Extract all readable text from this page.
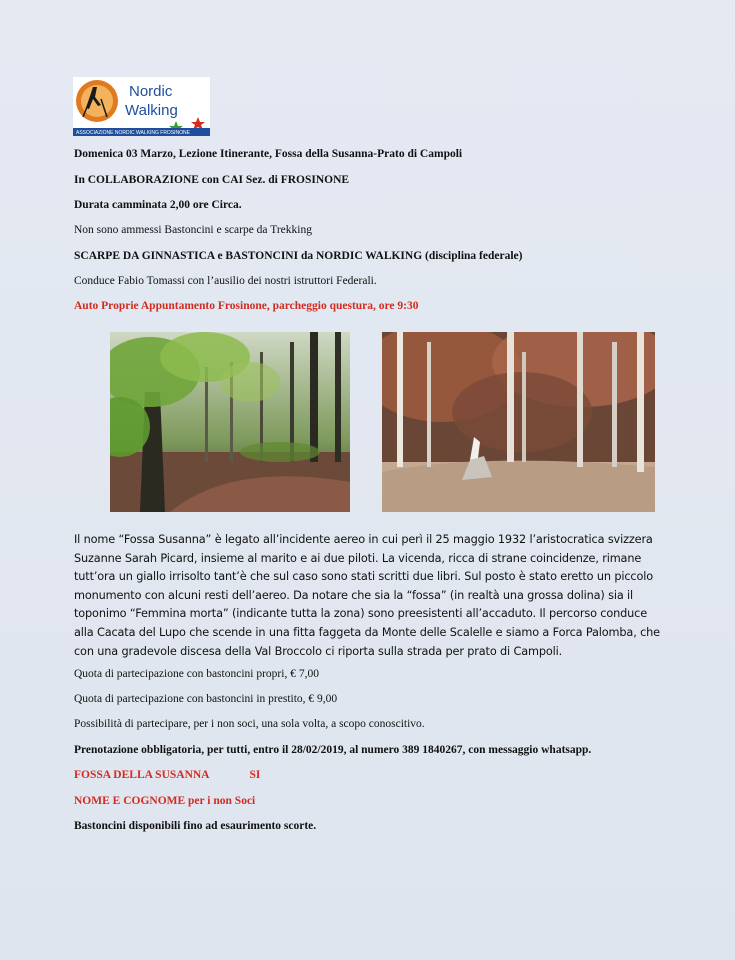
Nordic
Walking
ASSOCIAZIONE NORDIC WALKING FROSINONE
Domenica 03 Marzo, Lezione Itinerante, Fossa della Susanna-Prato di Campoli
In COLLABORAZIONE con CAI Sez. di FROSINONE
Durata camminata 2,00 ore Circa.
Non sono ammessi Bastoncini e scarpe da Trekking
SCARPE DA GINNASTICA e BASTONCINI da NORDIC WALKING (disciplina federale)
Conduce Fabio Tomassi con l’ausilio dei nostri istruttori Federali.
Auto Proprie Appuntamento Frosinone, parcheggio questura, ore 9:30
Il nome “Fossa Susanna” è legato all’incidente aereo in cui perì il 25 maggio 1932 l’aristocratica svizzera
Suzanne Sarah Picard, insieme al marito e ai due piloti. La vicenda, ricca di strane coincidenze, rimane
tutt’ora un giallo irrisolto tant’è che sul caso sono stati scritti due libri. Sul posto è stato eretto un piccolo
monumento con alcuni resti dell’aereo. Da notare che sia la “fossa” (in realtà una grossa dolina) sia il
toponimo “Femmina morta” (indicante tutta la zona) sono preesistenti all’accaduto. Il percorso conduce
alla Cacata del Lupo che scende in una fitta faggeta da Monte delle Scalelle e siamo a Forca Palomba, che
con una gradevole discesa della Val Broccolo ci riporta sulla strada per prato di Campoli.
Quota di partecipazione con bastoncini propri, € 7,00
Quota di partecipazione con bastoncini in prestito, € 9,00
Possibilità di partecipare, per i non soci, una sola volta, a scopo conoscitivo.
Prenotazione obbligatoria, per tutti, entro il 28/02/2019, al numero 389 1840267, con messaggio whatsapp.
FOSSA DELLA SUSANNA	SI
NOME E COGNOME per i non Soci
Bastoncini disponibili fino ad esaurimento scorte.
